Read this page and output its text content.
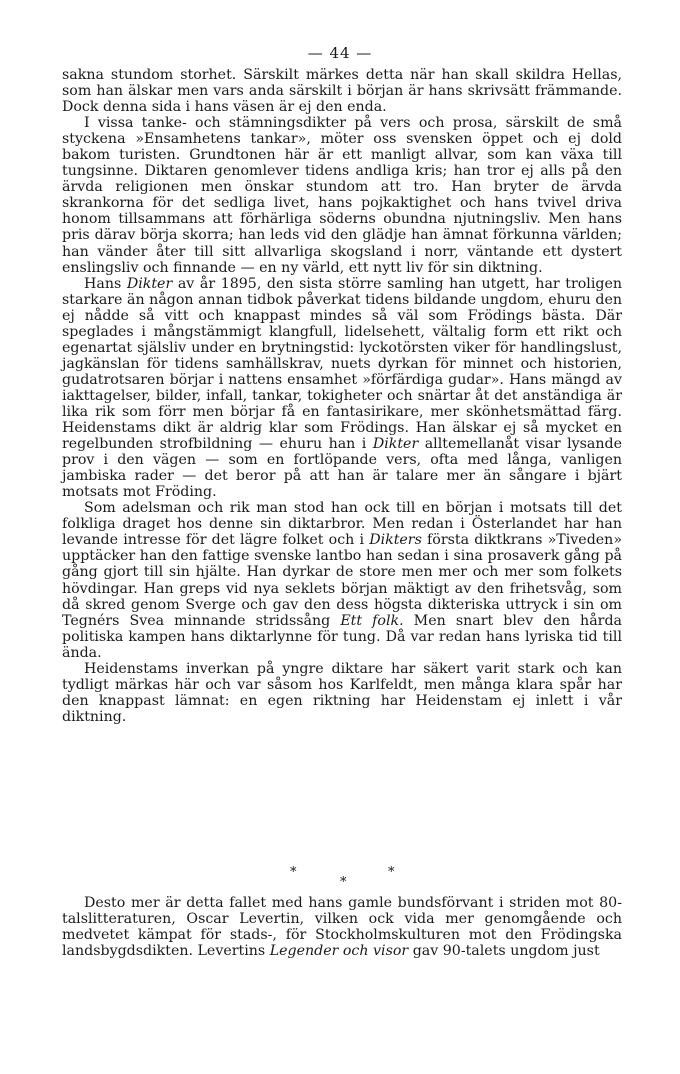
— 44 —

sakna stundom storhet. Särskilt märkes detta när han skall skildra Hellas, som han älskar men vars anda särskilt i början är hans skrivsätt främmande. Dock denna sida i hans väsen är ej den enda.

I vissa tanke- och stämningsdikter på vers och prosa, särskilt de små styckena »Ensamhetens tankar», möter oss svensken öppet och ej dold bakom turisten. Grundtonen här är ett manligt allvar, som kan växa till tungsinne. Diktaren genomlever tidens andliga kris; han tror ej alls på den ärvda religionen men önskar stundom att tro. Han bryter de ärvda skrankorna för det sedliga livet, hans pojkaktighet och hans tvivel driva honom tillsammans att förhärliga söderns obundna njutningsliv. Men hans pris därav börja skorra; han leds vid den glädje han ämnat förkunna världen; han vänder åter till sitt allvarliga skogsland i norr, väntande ett dystert enslingsliv och finnande — en ny värld, ett nytt liv för sin diktning.

Hans Dikter av år 1895, den sista större samling han utgett, har troligen starkare än någon annan tidbok påverkat tidens bildande ungdom, ehuru den ej nådde så vitt och knappast mindes så väl som Frödings bästa. Där speglades i mångstämmigt klangfull, lidelsehett, vältalig form ett rikt och egenartat själsliv under en brytningstid: lyckotörsten viker för handlingslust, jagkänslan för tidens samhällskrav, nuets dyrkan för minnet och historien, gudatrotsaren börjar i nattens ensamhet »förfärdiga gudar». Hans mängd av iakttagelser, bilder, infall, tankar, tokigheter och snärtar åt det anständiga är lika rik som förr men börjar få en fantasirikare, mer skönhetsmättad färg. Heidenstams dikt är aldrig klar som Frödings. Han älskar ej så mycket en regelbunden strofbildning — ehuru han i Dikter alltemellanåt visar lysande prov i den vägen — som en fortlöpande vers, ofta med långa, vanligen jambiska rader — det beror på att han är talare mer än sångare i bjärt motsats mot Fröding.

Som adelsman och rik man stod han ock till en början i motsats till det folkliga draget hos denne sin diktarbror. Men redan i Österlandet har han levande intresse för det lägre folket och i Dikters första diktkrans »Tiveden» upptäcker han den fattige svenske lantbo han sedan i sina prosaverk gång på gång gjort till sin hjälte. Han dyrkar de store men mer och mer som folkets hövdingar. Han greps vid nya seklets början mäktigt av den frihetsvåg, som då skred genom Sverge och gav den dess högsta dikteriska uttryck i sin om Tegnérs Svea minnande stridssång Ett folk. Men snart blev den hårda politiska kampen hans diktarlynne för tung. Då var redan hans lyriska tid till ända.

Heidenstams inverkan på yngre diktare har säkert varit stark och kan tydligt märkas här och var såsom hos Karlfeldt, men många klara spår har den knappast lämnat: en egen riktning har Heidenstam ej inlett i vår diktning.

*
*
*

Desto mer är detta fallet med hans gamle bundsförvant i striden mot 80-talslitteraturen, Oscar Levertin, vilken ock vida mer genomgående och medvetet kämpat för stads-, för Stockholmskulturen mot den Frödingska landsbygdsdikten. Levertins Legender och visor gav 90-talets ungdom just
